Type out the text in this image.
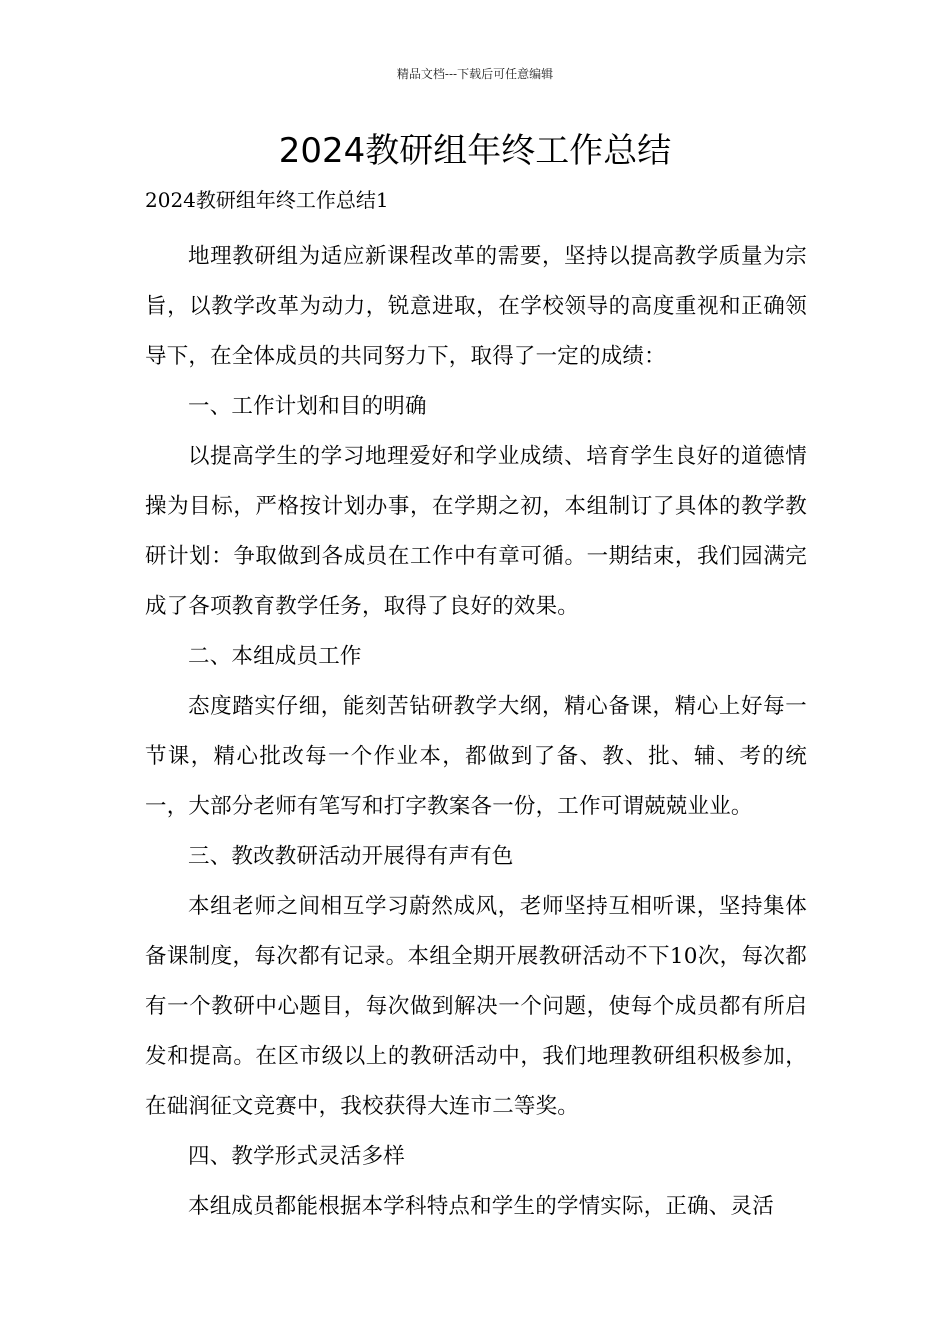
精品文档---下载后可任意编辑
2024教研组年终工作总结

2024教研组年终工作总结1

地理教研组为适应新课程改革的需要，坚持以提高教学质量为宗旨，以教学改革为动力，锐意进取，在学校领导的高度重视和正确领导下，在全体成员的共同努力下，取得了一定的成绩：

一、工作计划和目的明确

以提高学生的学习地理爱好和学业成绩、培育学生良好的道德情操为目标，严格按计划办事，在学期之初，本组制订了具体的教学教研计划：争取做到各成员在工作中有章可循。一期结束，我们园满完成了各项教育教学任务，取得了良好的效果。

二、本组成员工作

态度踏实仔细，能刻苦钻研教学大纲，精心备课，精心上好每一节课，精心批改每一个作业本，都做到了备、教、批、辅、考的统一，大部分老师有笔写和打字教案各一份，工作可谓兢兢业业。

三、教改教研活动开展得有声有色

本组老师之间相互学习蔚然成风，老师坚持互相听课，坚持集体备课制度，每次都有记录。本组全期开展教研活动不下10次，每次都有一个教研中心题目，每次做到解决一个问题，使每个成员都有所启发和提高。在区市级以上的教研活动中，我们地理教研组积极参加，在础润征文竞赛中，我校获得大连市二等奖。

四、教学形式灵活多样

本组成员都能根据本学科特点和学生的学情实际，正确、灵活
